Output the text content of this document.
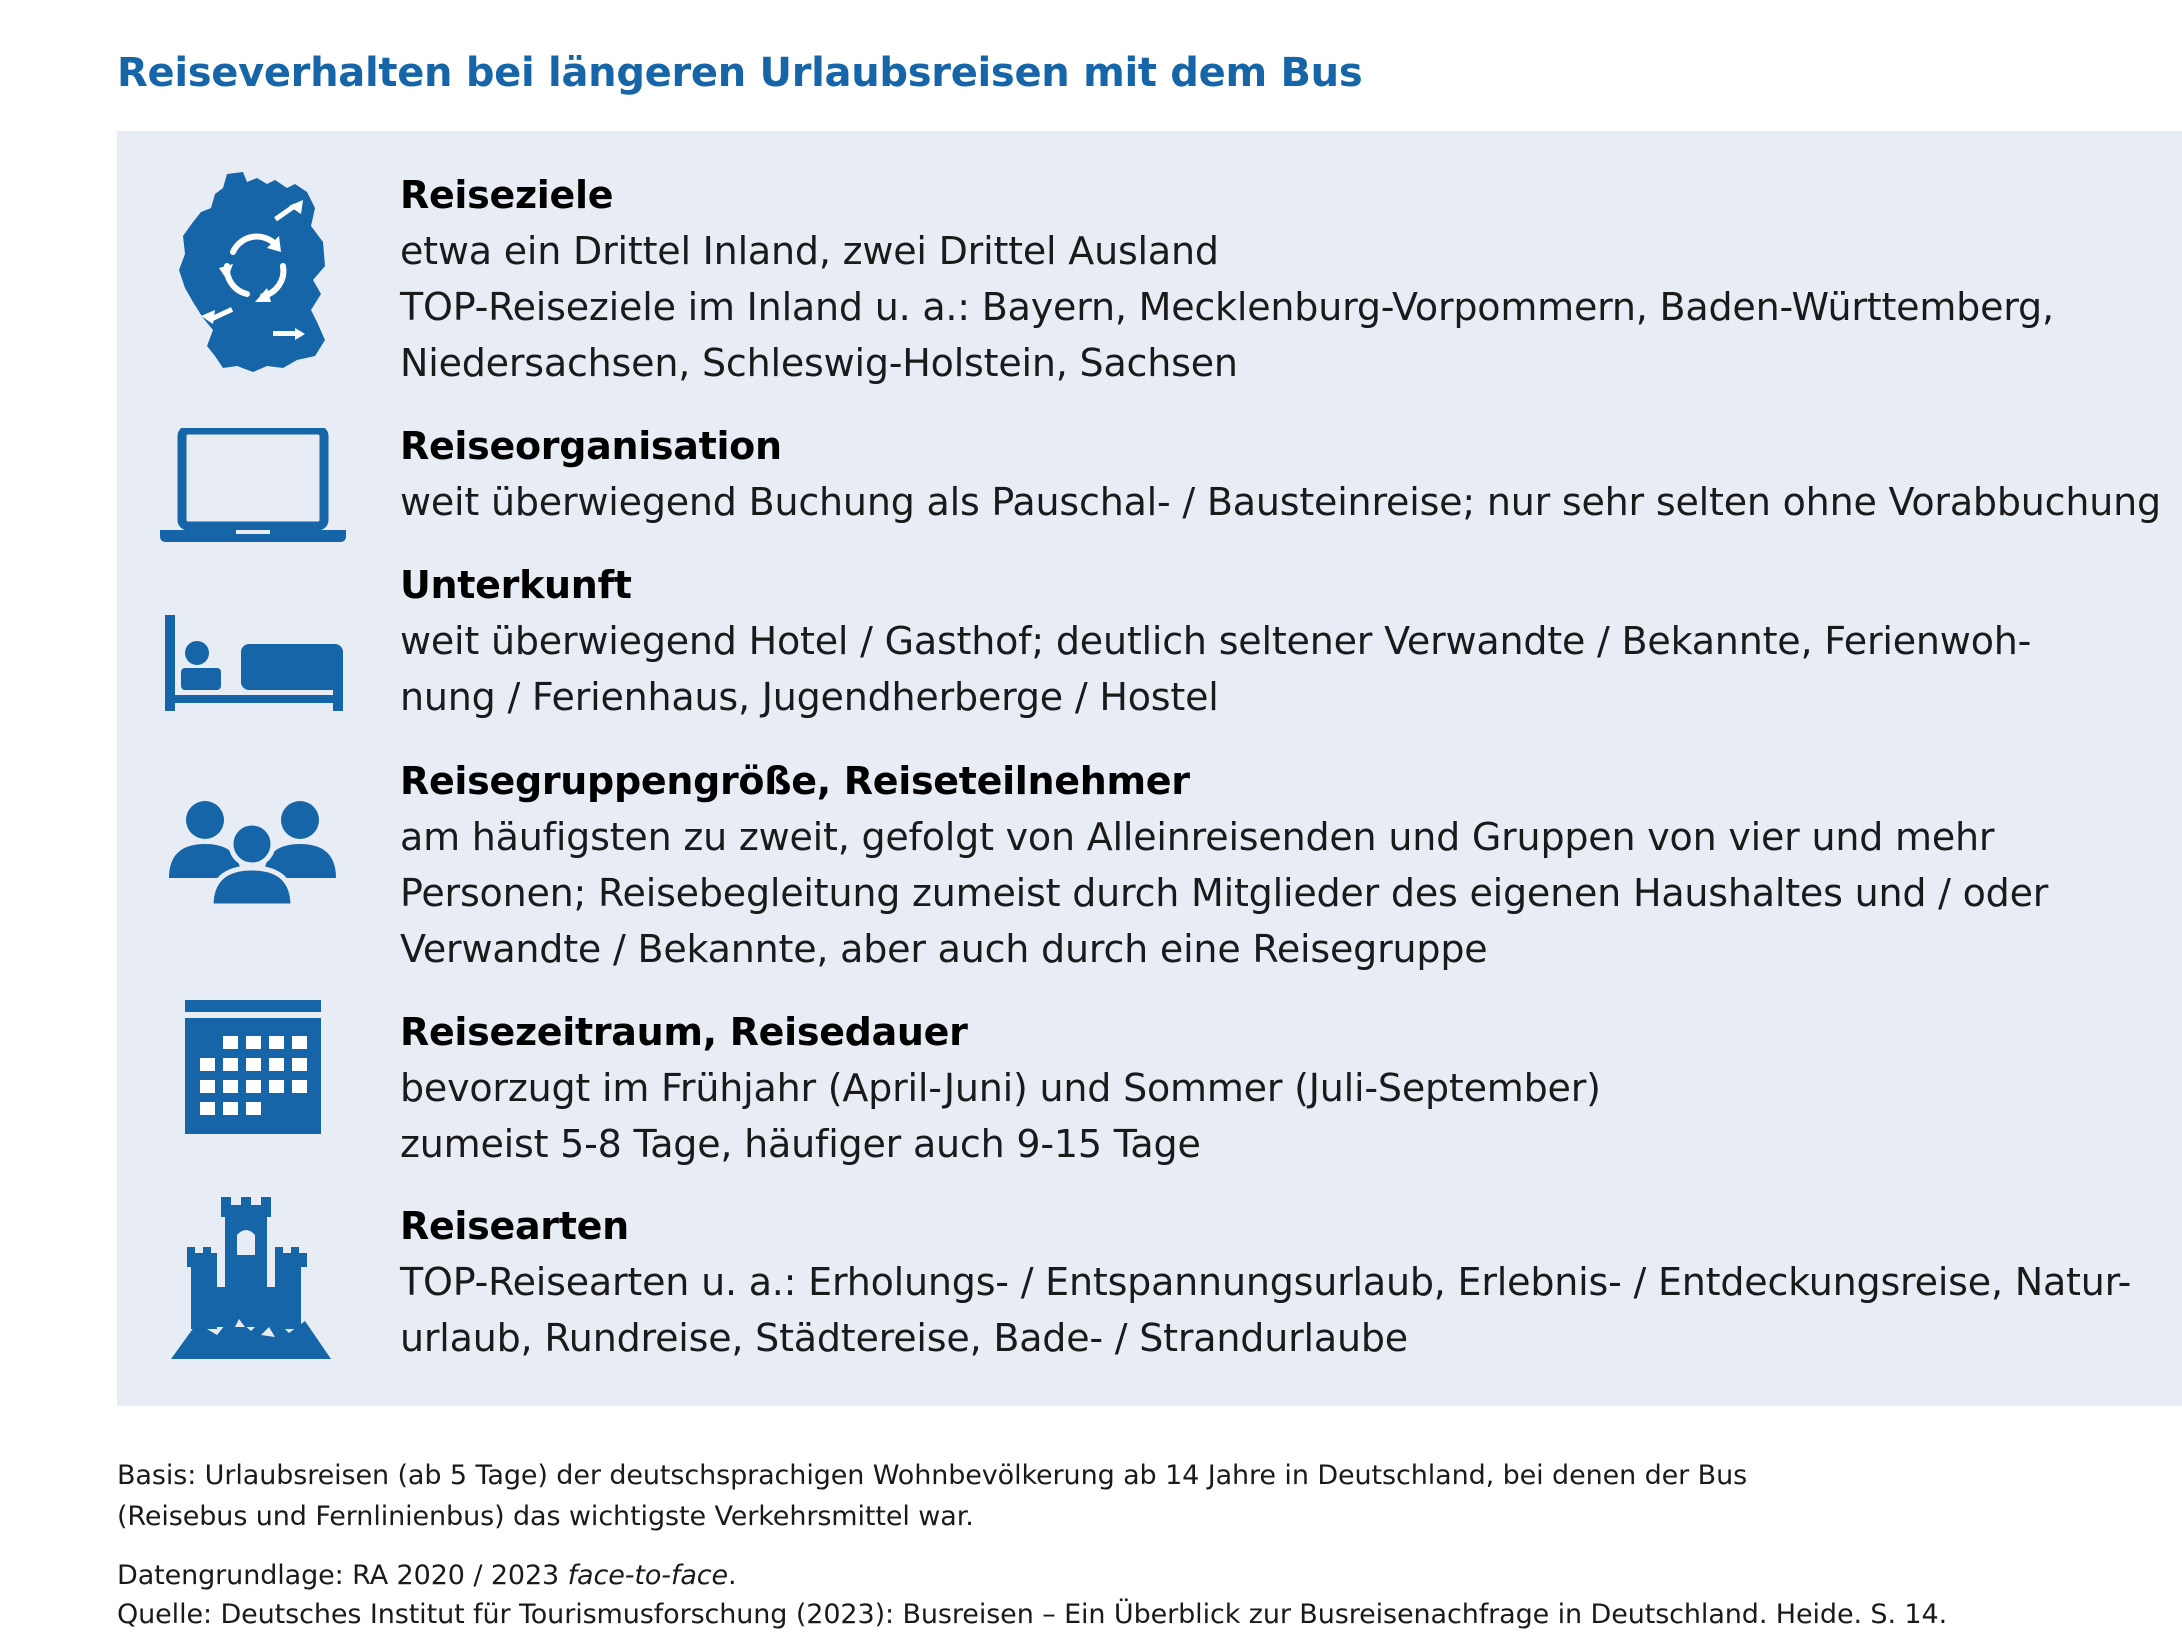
Reiseverhalten bei längeren Urlaubsreisen mit dem Bus
Reiseziele
etwa ein Drittel Inland, zwei Drittel Ausland
TOP-Reiseziele im Inland u. a.: Bayern, Mecklenburg-Vorpommern, Baden-Württemberg,
Niedersachsen, Schleswig-Holstein, Sachsen
Reiseorganisation
weit überwiegend Buchung als Pauschal- / Bausteinreise; nur sehr selten ohne Vorabbuchung
Unterkunft
weit überwiegend Hotel / Gasthof; deutlich seltener Verwandte / Bekannte, Ferienwoh-
nung / Ferienhaus, Jugendherberge / Hostel
Reisegruppengröße, Reiseteilnehmer
am häufigsten zu zweit, gefolgt von Alleinreisenden und Gruppen von vier und mehr
Personen; Reisebegleitung zumeist durch Mitglieder des eigenen Haushaltes und / oder
Verwandte / Bekannte, aber auch durch eine Reisegruppe
Reisezeitraum, Reisedauer
bevorzugt im Frühjahr (April-Juni) und Sommer (Juli-September)
zumeist 5-8 Tage, häufiger auch 9-15 Tage
Reisearten
TOP-Reisearten u. a.: Erholungs- / Entspannungsurlaub, Erlebnis- / Entdeckungsreise, Natur-
urlaub, Rundreise, Städtereise, Bade- / Strandurlaube
Basis: Urlaubsreisen (ab 5 Tage) der deutschsprachigen Wohnbevölkerung ab 14 Jahre in Deutschland, bei denen der Bus
(Reisebus und Fernlinienbus) das wichtigste Verkehrsmittel war.
Datengrundlage: RA 2020 / 2023 face-to-face.
Quelle: Deutsches Institut für Tourismusforschung (2023): Busreisen – Ein Überblick zur Busreisenachfrage in Deutschland. Heide. S. 14.
